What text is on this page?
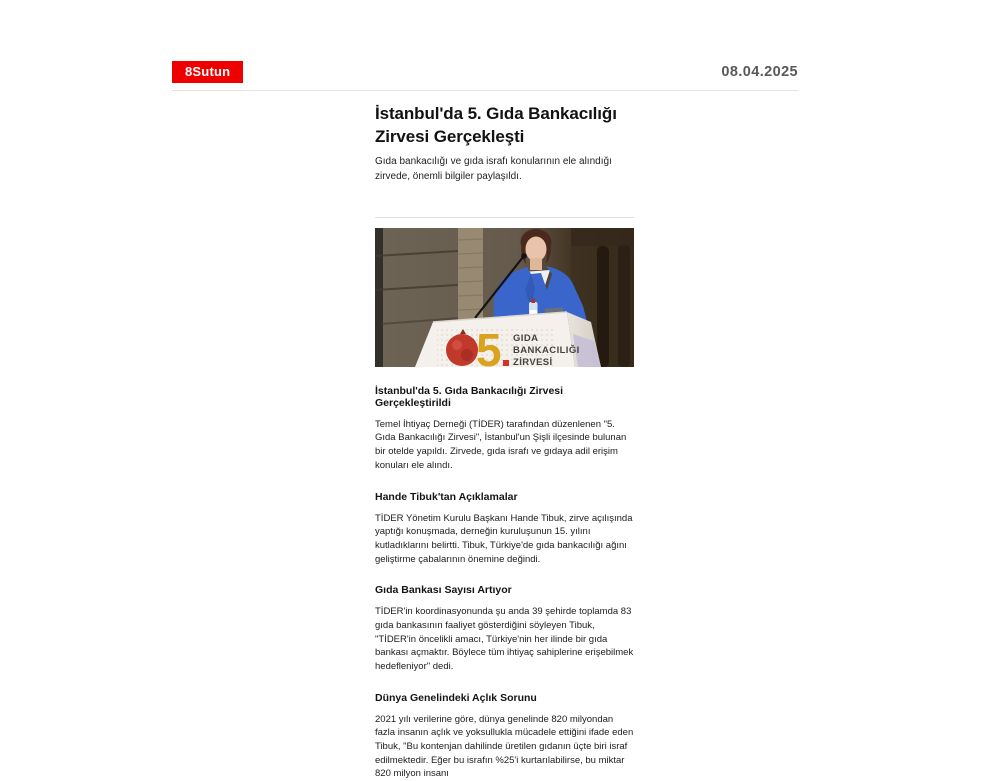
8Sutun	08.04.2025
İstanbul'da 5. Gıda Bankacılığı Zirvesi Gerçekleşti

Gıda bankacılığı ve gıda israfı konularının ele alındığı zirvede, önemli bilgiler paylaşıldı.

5 GIDA
BANKACILIĞI
ZİRVESİ
İstanbul'da 5. Gıda Bankacılığı Zirvesi Gerçekleştirildi

Temel İhtiyaç Derneği (TİDER) tarafından düzenlenen "5. Gıda Bankacılığı Zirvesi", İstanbul'un Şişli ilçesinde bulunan bir otelde yapıldı. Zirvede, gıda israfı ve gıdaya adil erişim konuları ele alındı.

Hande Tibuk'tan Açıklamalar

TİDER Yönetim Kurulu Başkanı Hande Tibuk, zirve açılışında yaptığı konuşmada, derneğin kuruluşunun 15. yılını kutladıklarını belirtti. Tibuk, Türkiye'de gıda bankacılığı ağını geliştirme çabalarının önemine değindi.

Gıda Bankası Sayısı Artıyor

TİDER'in koordinasyonunda şu anda 39 şehirde toplamda 83 gıda bankasının faaliyet gösterdiğini söyleyen Tibuk, "TİDER'in öncelikli amacı, Türkiye'nin her ilinde bir gıda bankası açmaktır. Böylece tüm ihtiyaç sahiplerine erişebilmek hedefleniyor" dedi.

Dünya Genelindeki Açlık Sorunu

2021 yılı verilerine göre, dünya genelinde 820 milyondan fazla insanın açlık ve yoksullukla mücadele ettiğini ifade eden Tibuk, "Bu kontenjan dahilinde üretilen gıdanın üçte biri israf edilmektedir. Eğer bu israfın %25'i kurtarılabilirse, bu miktar 820 milyon insanı
